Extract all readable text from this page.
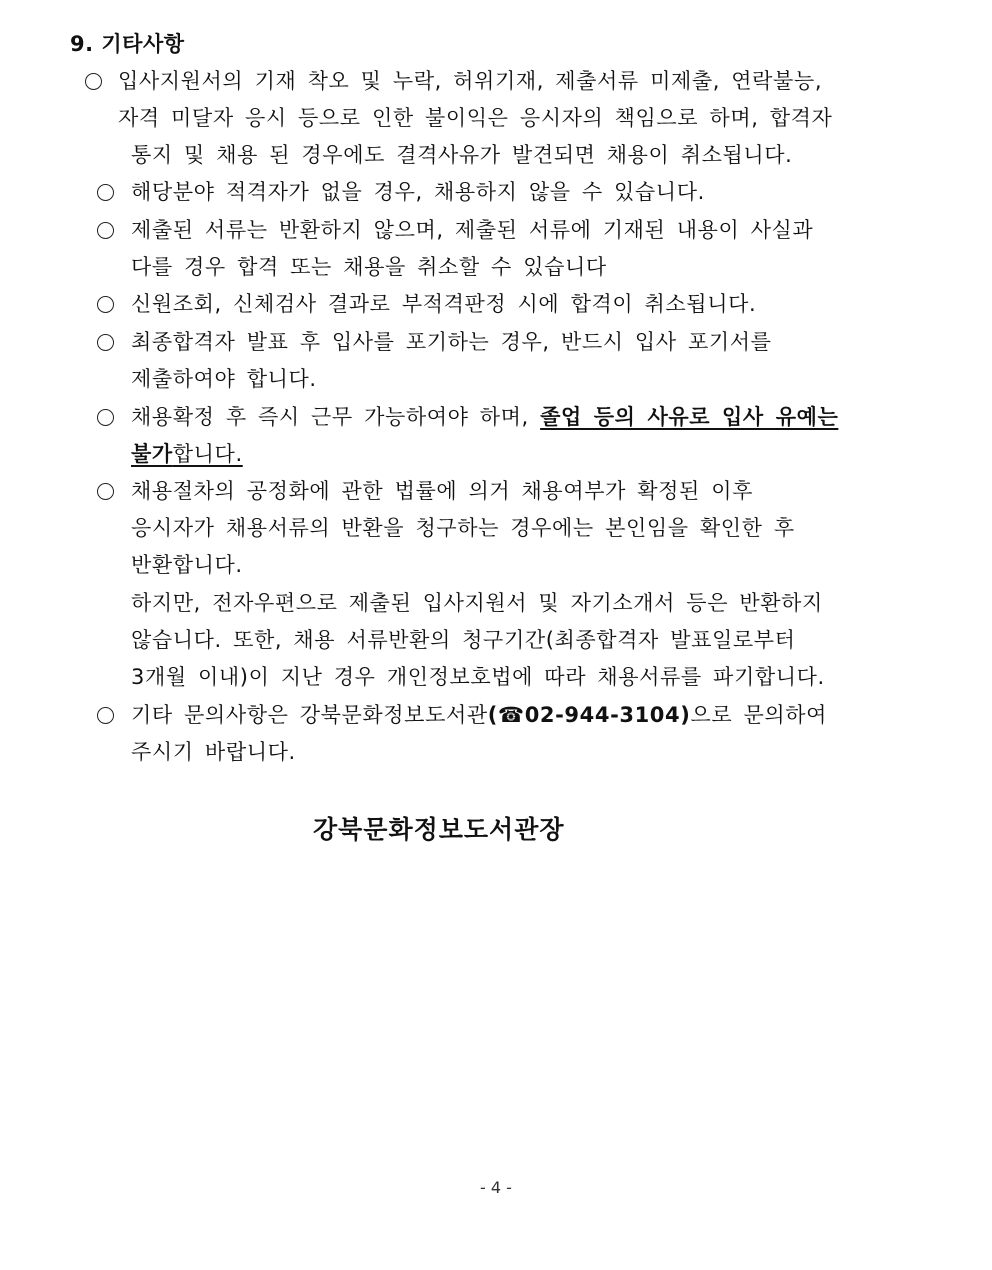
9. 기타사항
입사지원서의 기재 착오 및 누락, 허위기재, 제출서류 미제출, 연락불능,
자격 미달자 응시 등으로 인한 불이익은 응시자의 책임으로 하며, 합격자
통지 및 채용 된 경우에도 결격사유가 발견되면 채용이 취소됩니다.
해당분야 적격자가 없을 경우, 채용하지 않을 수 있습니다.
제출된 서류는 반환하지 않으며, 제출된 서류에 기재된 내용이 사실과
다를 경우 합격 또는 채용을 취소할 수 있습니다
신원조회, 신체검사 결과로 부적격판정 시에 합격이 취소됩니다.
최종합격자 발표 후 입사를 포기하는 경우, 반드시 입사 포기서를
제출하여야 합니다.
채용확정 후 즉시 근무 가능하여야 하며, 졸업 등의 사유로 입사 유예는
불가합니다.
채용절차의 공정화에 관한 법률에 의거 채용여부가 확정된 이후
응시자가 채용서류의 반환을 청구하는 경우에는 본인임을 확인한 후
반환합니다.
하지만, 전자우편으로 제출된 입사지원서 및 자기소개서 등은 반환하지
않습니다. 또한, 채용 서류반환의 청구기간(최종합격자 발표일로부터
3개월 이내)이 지난 경우 개인정보호법에 따라 채용서류를 파기합니다.
기타 문의사항은 강북문화정보도서관(☎02-944-3104)으로 문의하여
주시기 바랍니다.
강북문화정보도서관장
- 4 -
